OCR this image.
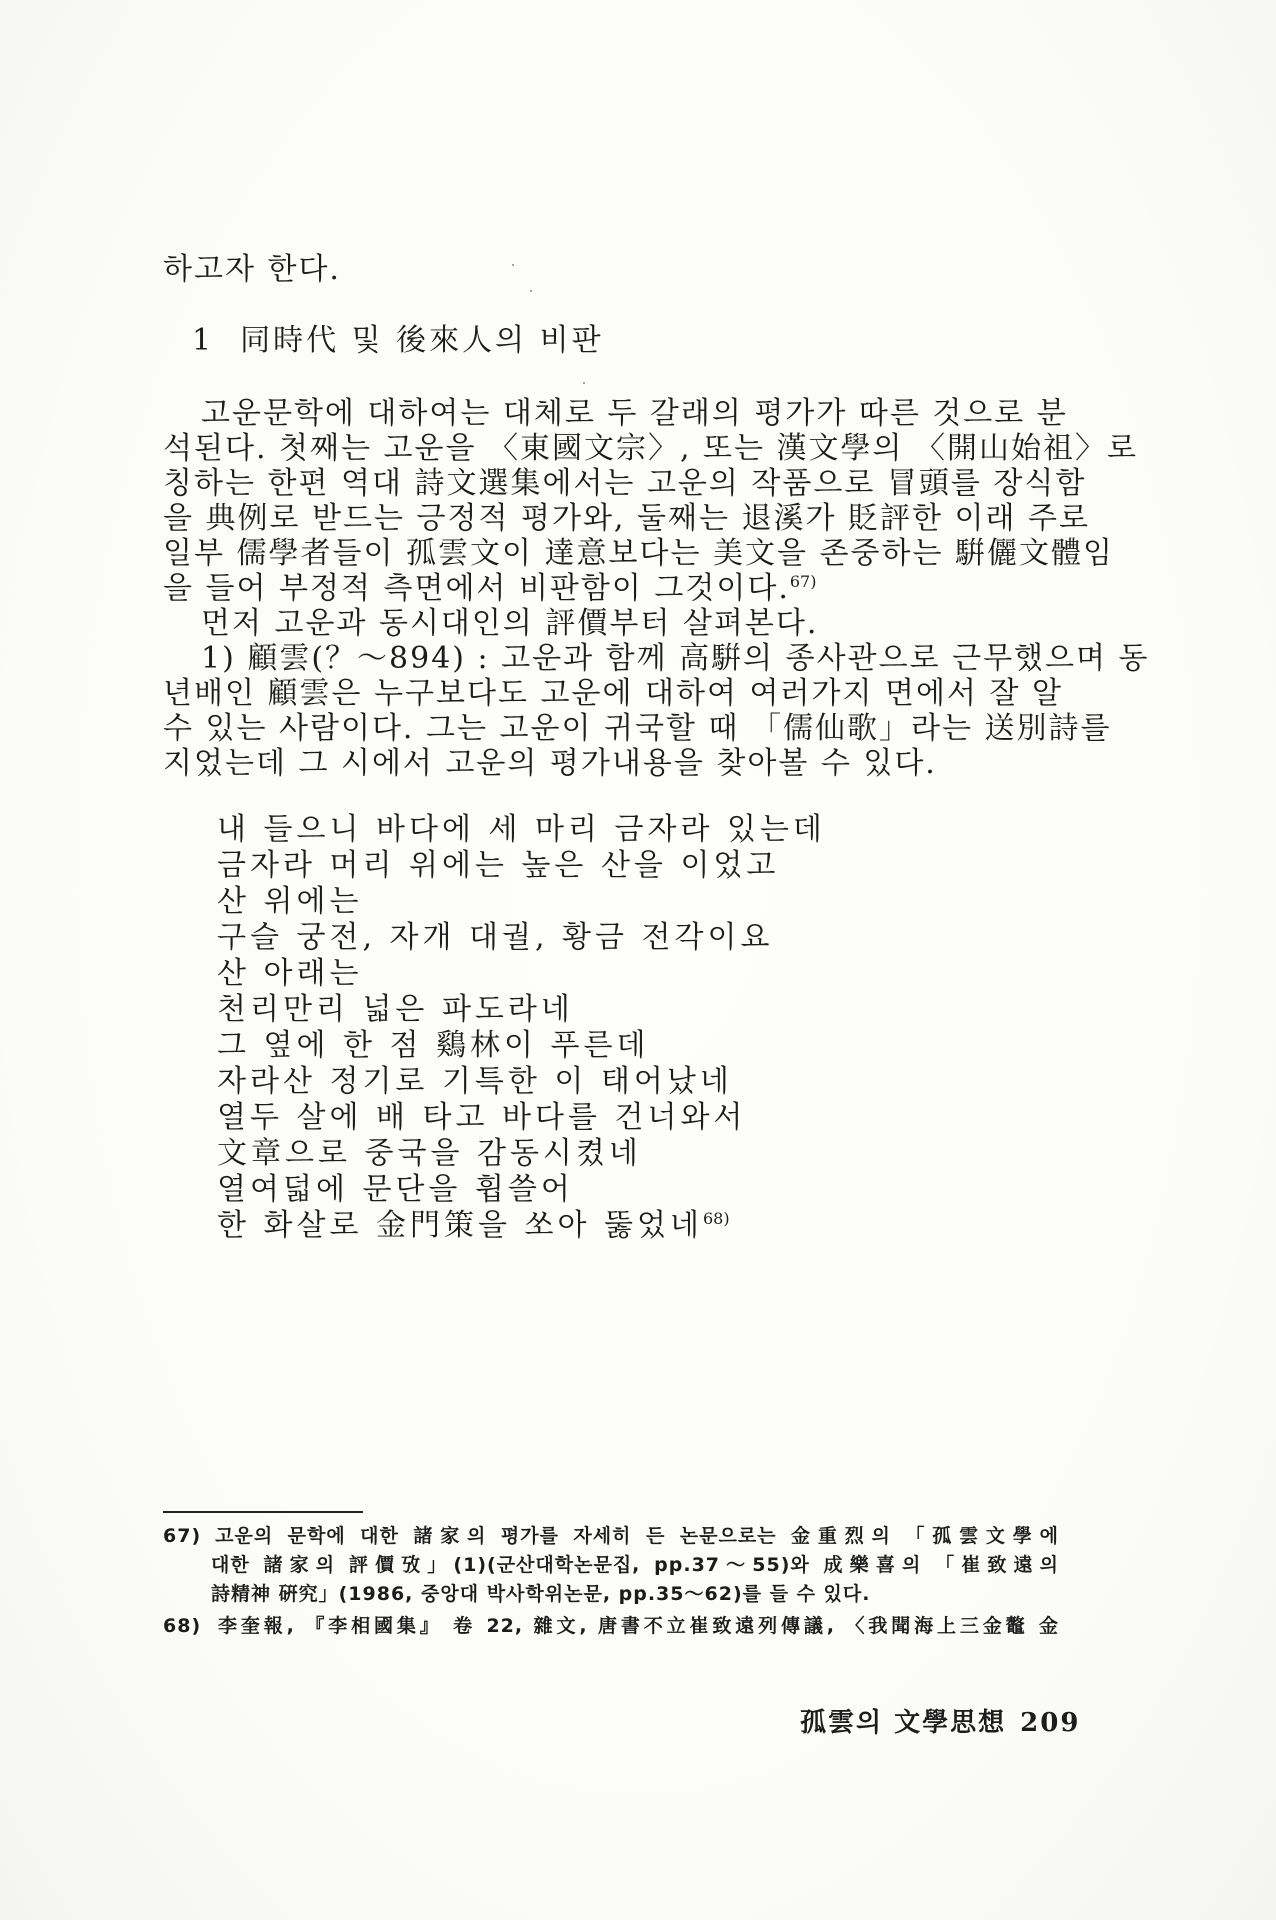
하고자 한다.
1 同時代 및 後來人의 비판
고운문학에 대하여는 대체로 두 갈래의 평가가 따른 것으로 분
석된다. 첫째는 고운을 〈東國文宗〉, 또는 漢文學의 〈開山始祖〉로
칭하는 한편 역대 詩文選集에서는 고운의 작품으로 冒頭를 장식함
을 典例로 받드는 긍정적 평가와, 둘째는 退溪가 貶評한 이래 주로
일부 儒學者들이 孤雲文이 達意보다는 美文을 존중하는 騈儷文體임
을 들어 부정적 측면에서 비판함이 그것이다.$^{67)}$
먼저 고운과 동시대인의 評價부터 살펴본다.
1) 顧雲(？～894) : 고운과 함께 高騈의 종사관으로 근무했으며 동
년배인 顧雲은 누구보다도 고운에 대하여 여러가지 면에서 잘 알
수 있는 사람이다. 그는 고운이 귀국할 때 「儒仙歌」라는 送別詩를
지었는데 그 시에서 고운의 평가내용을 찾아볼 수 있다.
내 들으니 바다에 세 마리 금자라 있는데
금자라 머리 위에는 높은 산을 이었고
산 위에는
구슬 궁전, 자개 대궐, 황금 전각이요
산 아래는
천리만리 넓은 파도라네
그 옆에 한 점 鷄林이 푸른데
자라산 정기로 기특한 이 태어났네
열두 살에 배 타고 바다를 건너와서
文章으로 중국을 감동시켰네
열여덟에 문단을 휩쓸어
한 화살로 金門策을 쏘아 뚫었네$^{68)}$
67) 고운의 문학에 대한 諸家의 평가를 자세히 든 논문으로는 金重烈의 「孤雲文學에
대한 諸家의 評價攷」(1)(군산대학논문집, pp.37～55)와 成樂喜의 「崔致遠의
詩精神 硏究」(1986, 중앙대 박사학위논문, pp.35～62)를 들 수 있다.
68) 李奎報, 『李相國集』 卷 22, 雜文, 唐書不立崔致遠列傳議, 〈我聞海上三金鼇 金
孤雲의 文學思想 209
